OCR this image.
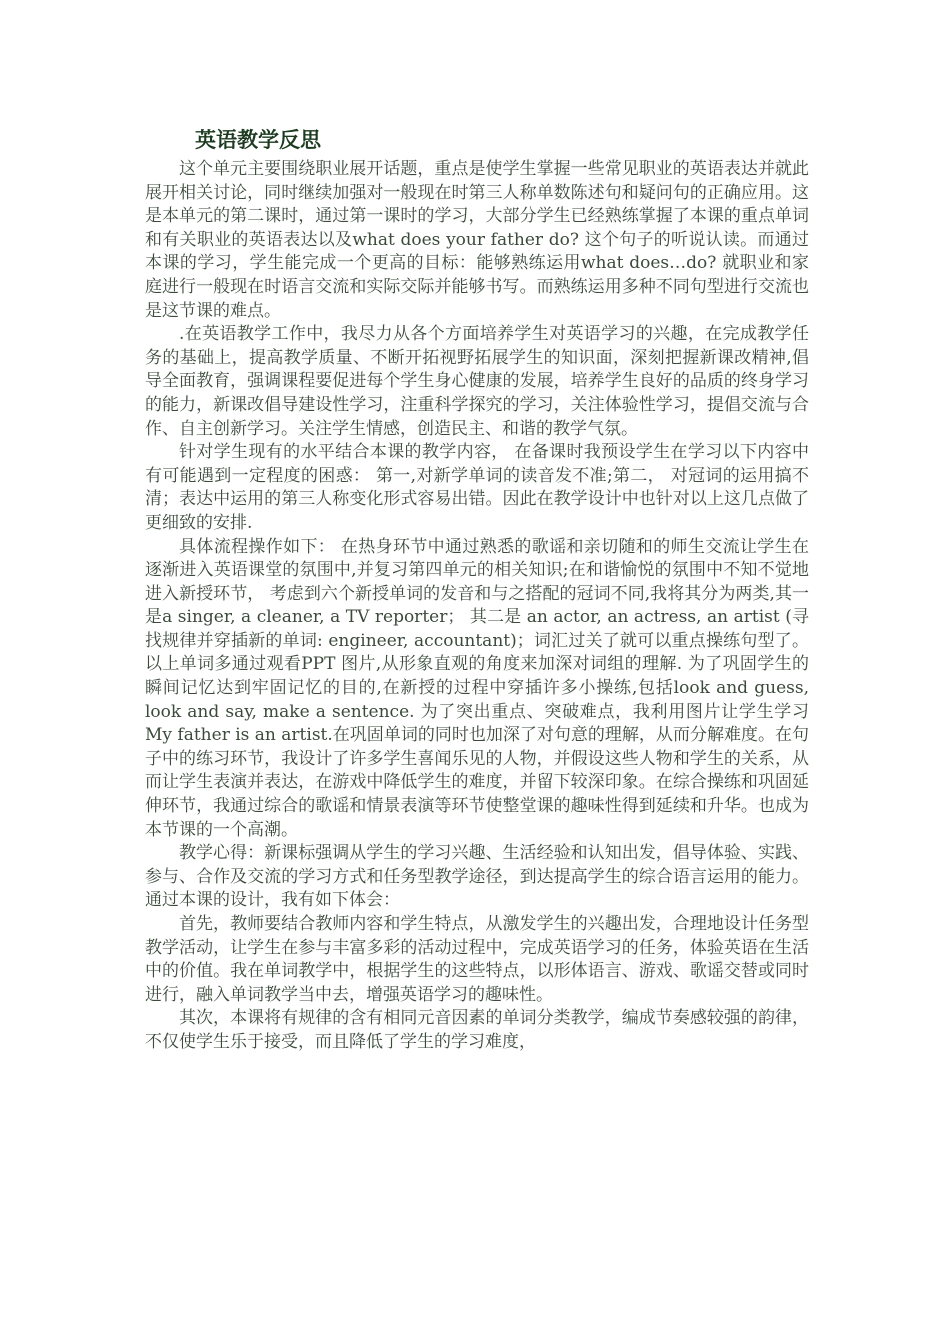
英语教学反思

这个单元主要围绕职业展开话题，重点是使学生掌握一些常见职业的英语表达并就此展开相关讨论，同时继续加强对一般现在时第三人称单数陈述句和疑问句的正确应用。这是本单元的第二课时，通过第一课时的学习，大部分学生已经熟练掌握了本课的重点单词和有关职业的英语表达以及what does your father do? 这个句子的听说认读。而通过本课的学习，学生能完成一个更高的目标：能够熟练运用what does…do? 就职业和家庭进行一般现在时语言交流和实际交际并能够书写。而熟练运用多种不同句型进行交流也是这节课的难点。

.在英语教学工作中，我尽力从各个方面培养学生对英语学习的兴趣，在完成教学任务的基础上，提高教学质量、不断开拓视野拓展学生的知识面，深刻把握新课改精神,倡导全面教育，强调课程要促进每个学生身心健康的发展，培养学生良好的品质的终身学习的能力，新课改倡导建设性学习，注重科学探究的学习，关注体验性学习，提倡交流与合作、自主创新学习。关注学生情感，创造民主、和谐的教学气氛。

针对学生现有的水平结合本课的教学内容， 在备课时我预设学生在学习以下内容中有可能遇到一定程度的困惑： 第一,对新学单词的读音发不准;第二， 对冠词的运用搞不清；表达中运用的第三人称变化形式容易出错。因此在教学设计中也针对以上这几点做了更细致的安排.

具体流程操作如下： 在热身环节中通过熟悉的歌谣和亲切随和的师生交流让学生在逐渐进入英语课堂的氛围中,并复习第四单元的相关知识;在和谐愉悦的氛围中不知不觉地进入新授环节， 考虑到六个新授单词的发音和与之搭配的冠词不同,我将其分为两类,其一是a singer, a cleaner, a TV reporter； 其二是 an actor, an actress, an artist (寻找规律并穿插新的单词: engineer, accountant)；词汇过关了就可以重点操练句型了。以上单词多通过观看PPT 图片,从形象直观的角度来加深对词组的理解. 为了巩固学生的瞬间记忆达到牢固记忆的目的,在新授的过程中穿插许多小操练,包括look and guess, look and say, make a sentence. 为了突出重点、突破难点，我利用图片让学生学习My father is an artist.在巩固单词的同时也加深了对句意的理解，从而分解难度。在句子中的练习环节，我设计了许多学生喜闻乐见的人物，并假设这些人物和学生的关系，从而让学生表演并表达，在游戏中降低学生的难度，并留下较深印象。在综合操练和巩固延伸环节，我通过综合的歌谣和情景表演等环节使整堂课的趣味性得到延续和升华。也成为本节课的一个高潮。

教学心得：新课标强调从学生的学习兴趣、生活经验和认知出发，倡导体验、实践、参与、合作及交流的学习方式和任务型教学途径，到达提高学生的综合语言运用的能力。通过本课的设计，我有如下体会：

首先，教师要结合教师内容和学生特点，从激发学生的兴趣出发，合理地设计任务型教学活动，让学生在参与丰富多彩的活动过程中，完成英语学习的任务，体验英语在生活中的价值。我在单词教学中，根据学生的这些特点，以形体语言、游戏、歌谣交替或同时进行，融入单词教学当中去，增强英语学习的趣味性。

其次，本课将有规律的含有相同元音因素的单词分类教学，编成节奏感较强的韵律，不仅使学生乐于接受，而且降低了学生的学习难度，
